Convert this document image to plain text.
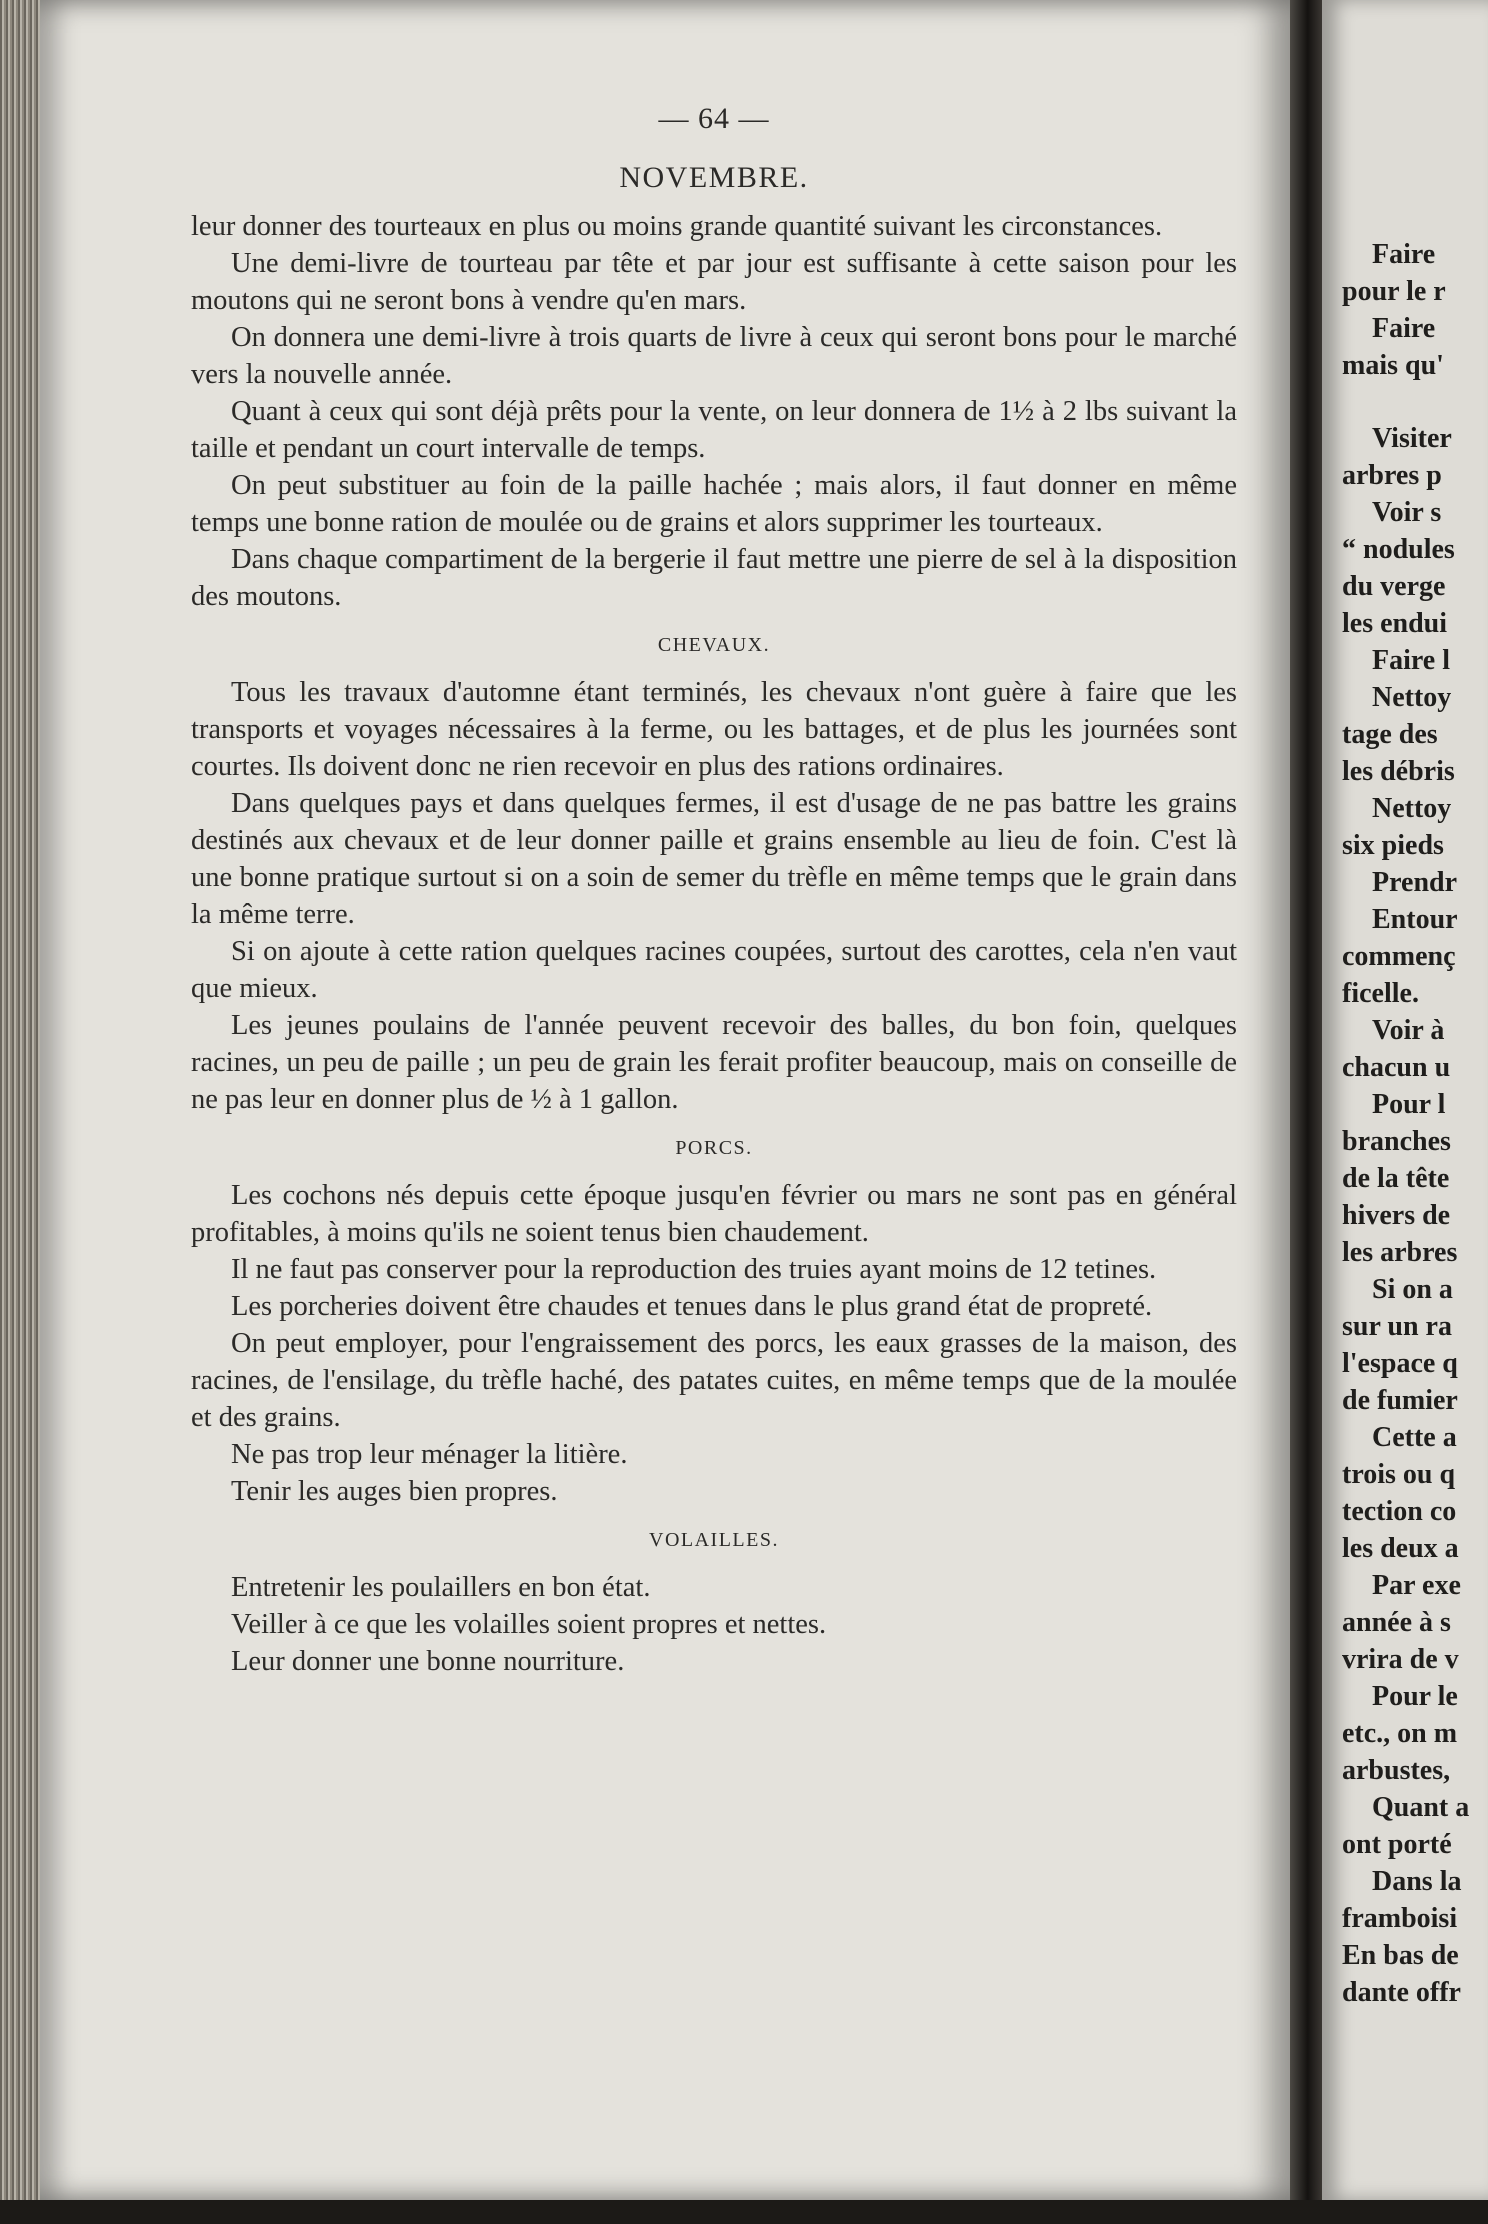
— 64 —
NOVEMBRE.

leur donner des tourteaux en plus ou moins grande quantité suivant les circonstances.

Une demi-livre de tourteau par tête et par jour est suffisante à cette saison pour les moutons qui ne seront bons à vendre qu'en mars.

On donnera une demi-livre à trois quarts de livre à ceux qui seront bons pour le marché vers la nouvelle année.

Quant à ceux qui sont déjà prêts pour la vente, on leur donnera de 1½ à 2 lbs suivant la taille et pendant un court intervalle de temps.

On peut substituer au foin de la paille hachée ; mais alors, il faut donner en même temps une bonne ration de moulée ou de grains et alors supprimer les tourteaux.

Dans chaque compartiment de la bergerie il faut mettre une pierre de sel à la disposition des moutons.

CHEVAUX.

Tous les travaux d'automne étant terminés, les chevaux n'ont guère à faire que les transports et voyages nécessaires à la ferme, ou les battages, et de plus les journées sont courtes. Ils doivent donc ne rien recevoir en plus des rations ordinaires.

Dans quelques pays et dans quelques fermes, il est d'usage de ne pas battre les grains destinés aux chevaux et de leur donner paille et grains ensemble au lieu de foin. C'est là une bonne pratique surtout si on a soin de semer du trèfle en même temps que le grain dans la même terre.

Si on ajoute à cette ration quelques racines coupées, surtout des carottes, cela n'en vaut que mieux.

Les jeunes poulains de l'année peuvent recevoir des balles, du bon foin, quelques racines, un peu de paille ; un peu de grain les ferait profiter beaucoup, mais on conseille de ne pas leur en donner plus de ½ à 1 gallon.

PORCS.

Les cochons nés depuis cette époque jusqu'en février ou mars ne sont pas en général profitables, à moins qu'ils ne soient tenus bien chaudement.

Il ne faut pas conserver pour la reproduction des truies ayant moins de 12 tetines.

Les porcheries doivent être chaudes et tenues dans le plus grand état de propreté.

On peut employer, pour l'engraissement des porcs, les eaux grasses de la maison, des racines, de l'ensilage, du trèfle haché, des patates cuites, en même temps que de la moulée et des grains.

Ne pas trop leur ménager la litière.

Tenir les auges bien propres.

VOLAILLES.

Entretenir les poulaillers en bon état.

Veiller à ce que les volailles soient propres et nettes.

Leur donner une bonne nourriture.

Faire
pour le r
Faire
mais qu'
Visiter
arbres p
Voir s
“ nodules
du verge
les endui
Faire l
Nettoy
tage des
les débris
Nettoy
six pieds
Prendr
Entour
commenç
ficelle.
Voir à
chacun u
Pour l
branches
de la tête
hivers de
les arbres
Si on a
sur un ra
l'espace q
de fumier
Cette a
trois ou q
tection co
les deux a
Par exe
année à s
vrira de v
Pour le
etc., on m
arbustes,
Quant a
ont porté
Dans la
framboisi
En bas de
dante offr
